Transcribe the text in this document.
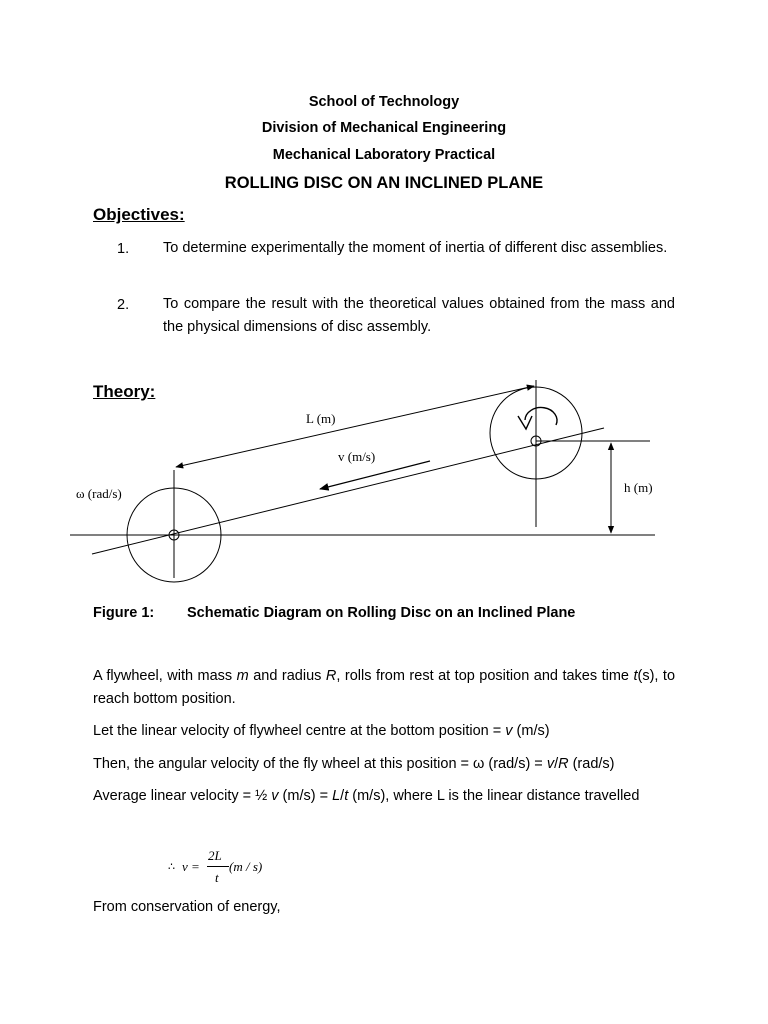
School of Technology
Division of Mechanical Engineering
Mechanical Laboratory Practical
ROLLING DISC ON AN INCLINED PLANE
Objectives:
1. To determine experimentally the moment of inertia of different disc assemblies.
2. To compare the result with the theoretical values obtained from the mass and the physical dimensions of disc assembly.
Theory:
L (m)
v (m/s)
ω (rad/s)	h (m)
Figure 1: Schematic Diagram on Rolling Disc on an Inclined Plane
A flywheel, with mass m and radius R, rolls from rest at top position and takes time t(s), to reach bottom position.
Let the linear velocity of flywheel centre at the bottom position = v (m/s)
Then, the angular velocity of the fly wheel at this position = ω (rad/s) = v/R (rad/s)
Average linear velocity = ½ v (m/s) = L/t (m/s), where L is the linear distance travelled
∴ v =
2L
t
(m / s)
From conservation of energy,
